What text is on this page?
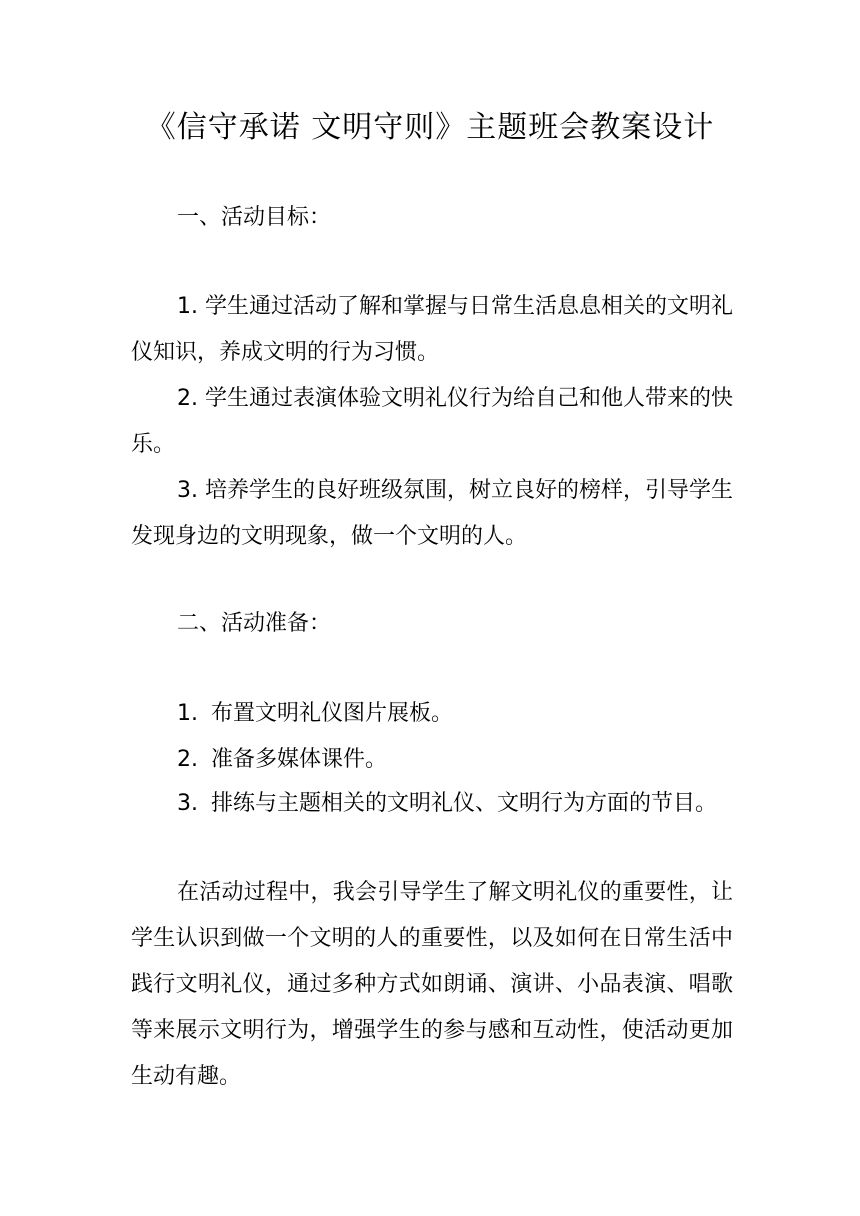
《信守承诺 文明守则》主题班会教案设计
一、活动目标：
1. 学生通过活动了解和掌握与日常生活息息相关的文明礼仪知识，养成文明的行为习惯。
2. 学生通过表演体验文明礼仪行为给自己和他人带来的快乐。
3. 培养学生的良好班级氛围，树立良好的榜样，引导学生发现身边的文明现象，做一个文明的人。
二、活动准备：
1. 布置文明礼仪图片展板。
2. 准备多媒体课件。
3. 排练与主题相关的文明礼仪、文明行为方面的节目。
在活动过程中，我会引导学生了解文明礼仪的重要性，让学生认识到做一个文明的人的重要性，以及如何在日常生活中践行文明礼仪，通过多种方式如朗诵、演讲、小品表演、唱歌等来展示文明行为，增强学生的参与感和互动性，使活动更加生动有趣。
